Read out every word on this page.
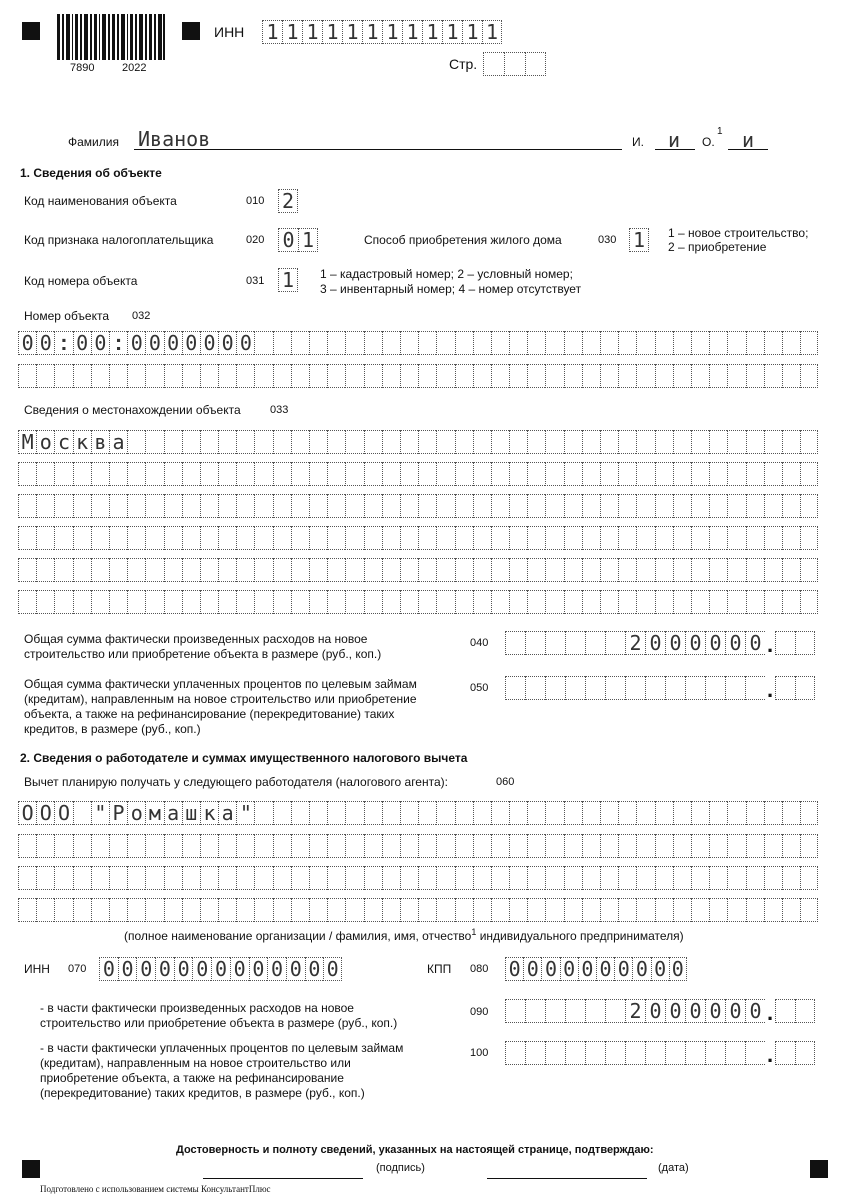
7890	2022
ИНН 1 1 1 1 1 1 1 1 1 1 1 1
Стр.
Фамилия Иванов	И. и О.
1 и
1. Сведения об объекте
Код наименования объекта	010 2
Код признака налогоплательщика	020 0 1	Способ приобретения жилого дома	030 1	1 – новое строительство;
2 – приобретение
Код номера объекта	031 1	1 – кадастровый номер; 2 – условный номер;
3 – инвентарный номер; 4 – номер отсутствует
Номер объекта 032
0 0 : 0 0 : 0 0 0 0 0 0 0
Сведения о местонахождении объекта	033
М о с к в а
Общая сумма фактически произведенных расходов на новое
строительство или приобретение объекта в размере (руб., коп.)
040	2 0 0 0 0 0 0 .
Общая сумма фактически уплаченных процентов по целевым займам
(кредитам), направленным на новое строительство или приобретение
объекта, а также на рефинансирование (перекредитование) таких
кредитов, в размере (руб., коп.)
050	.
2. Сведения о работодателе и суммах имущественного налогового вычета
Вычет планирую получать у следующего работодателя (налогового агента):	060
О О О " Р о м а ш к а "
(полное наименование организации / фамилия, имя, отчество$^1$ индивидуального предпринимателя)
ИНН 070 0 0 0 0 0 0 0 0 0 0 0 0 0	КПП 080 0 0 0 0 0 0 0 0 0 0
- в части фактически произведенных расходов на новое
строительство или приобретение объекта в размере (руб., коп.)
090	2 0 0 0 0 0 0 .
- в части фактически уплаченных процентов по целевым займам
(кредитам), направленным на новое строительство или
приобретение объекта, а также на рефинансирование
(перекредитование) таких кредитов, в размере (руб., коп.)
100	.
Достоверность и полноту сведений, указанных на настоящей странице, подтверждаю:
(подпись)	(дата)
Подготовлено с использованием системы КонсультантПлюс
